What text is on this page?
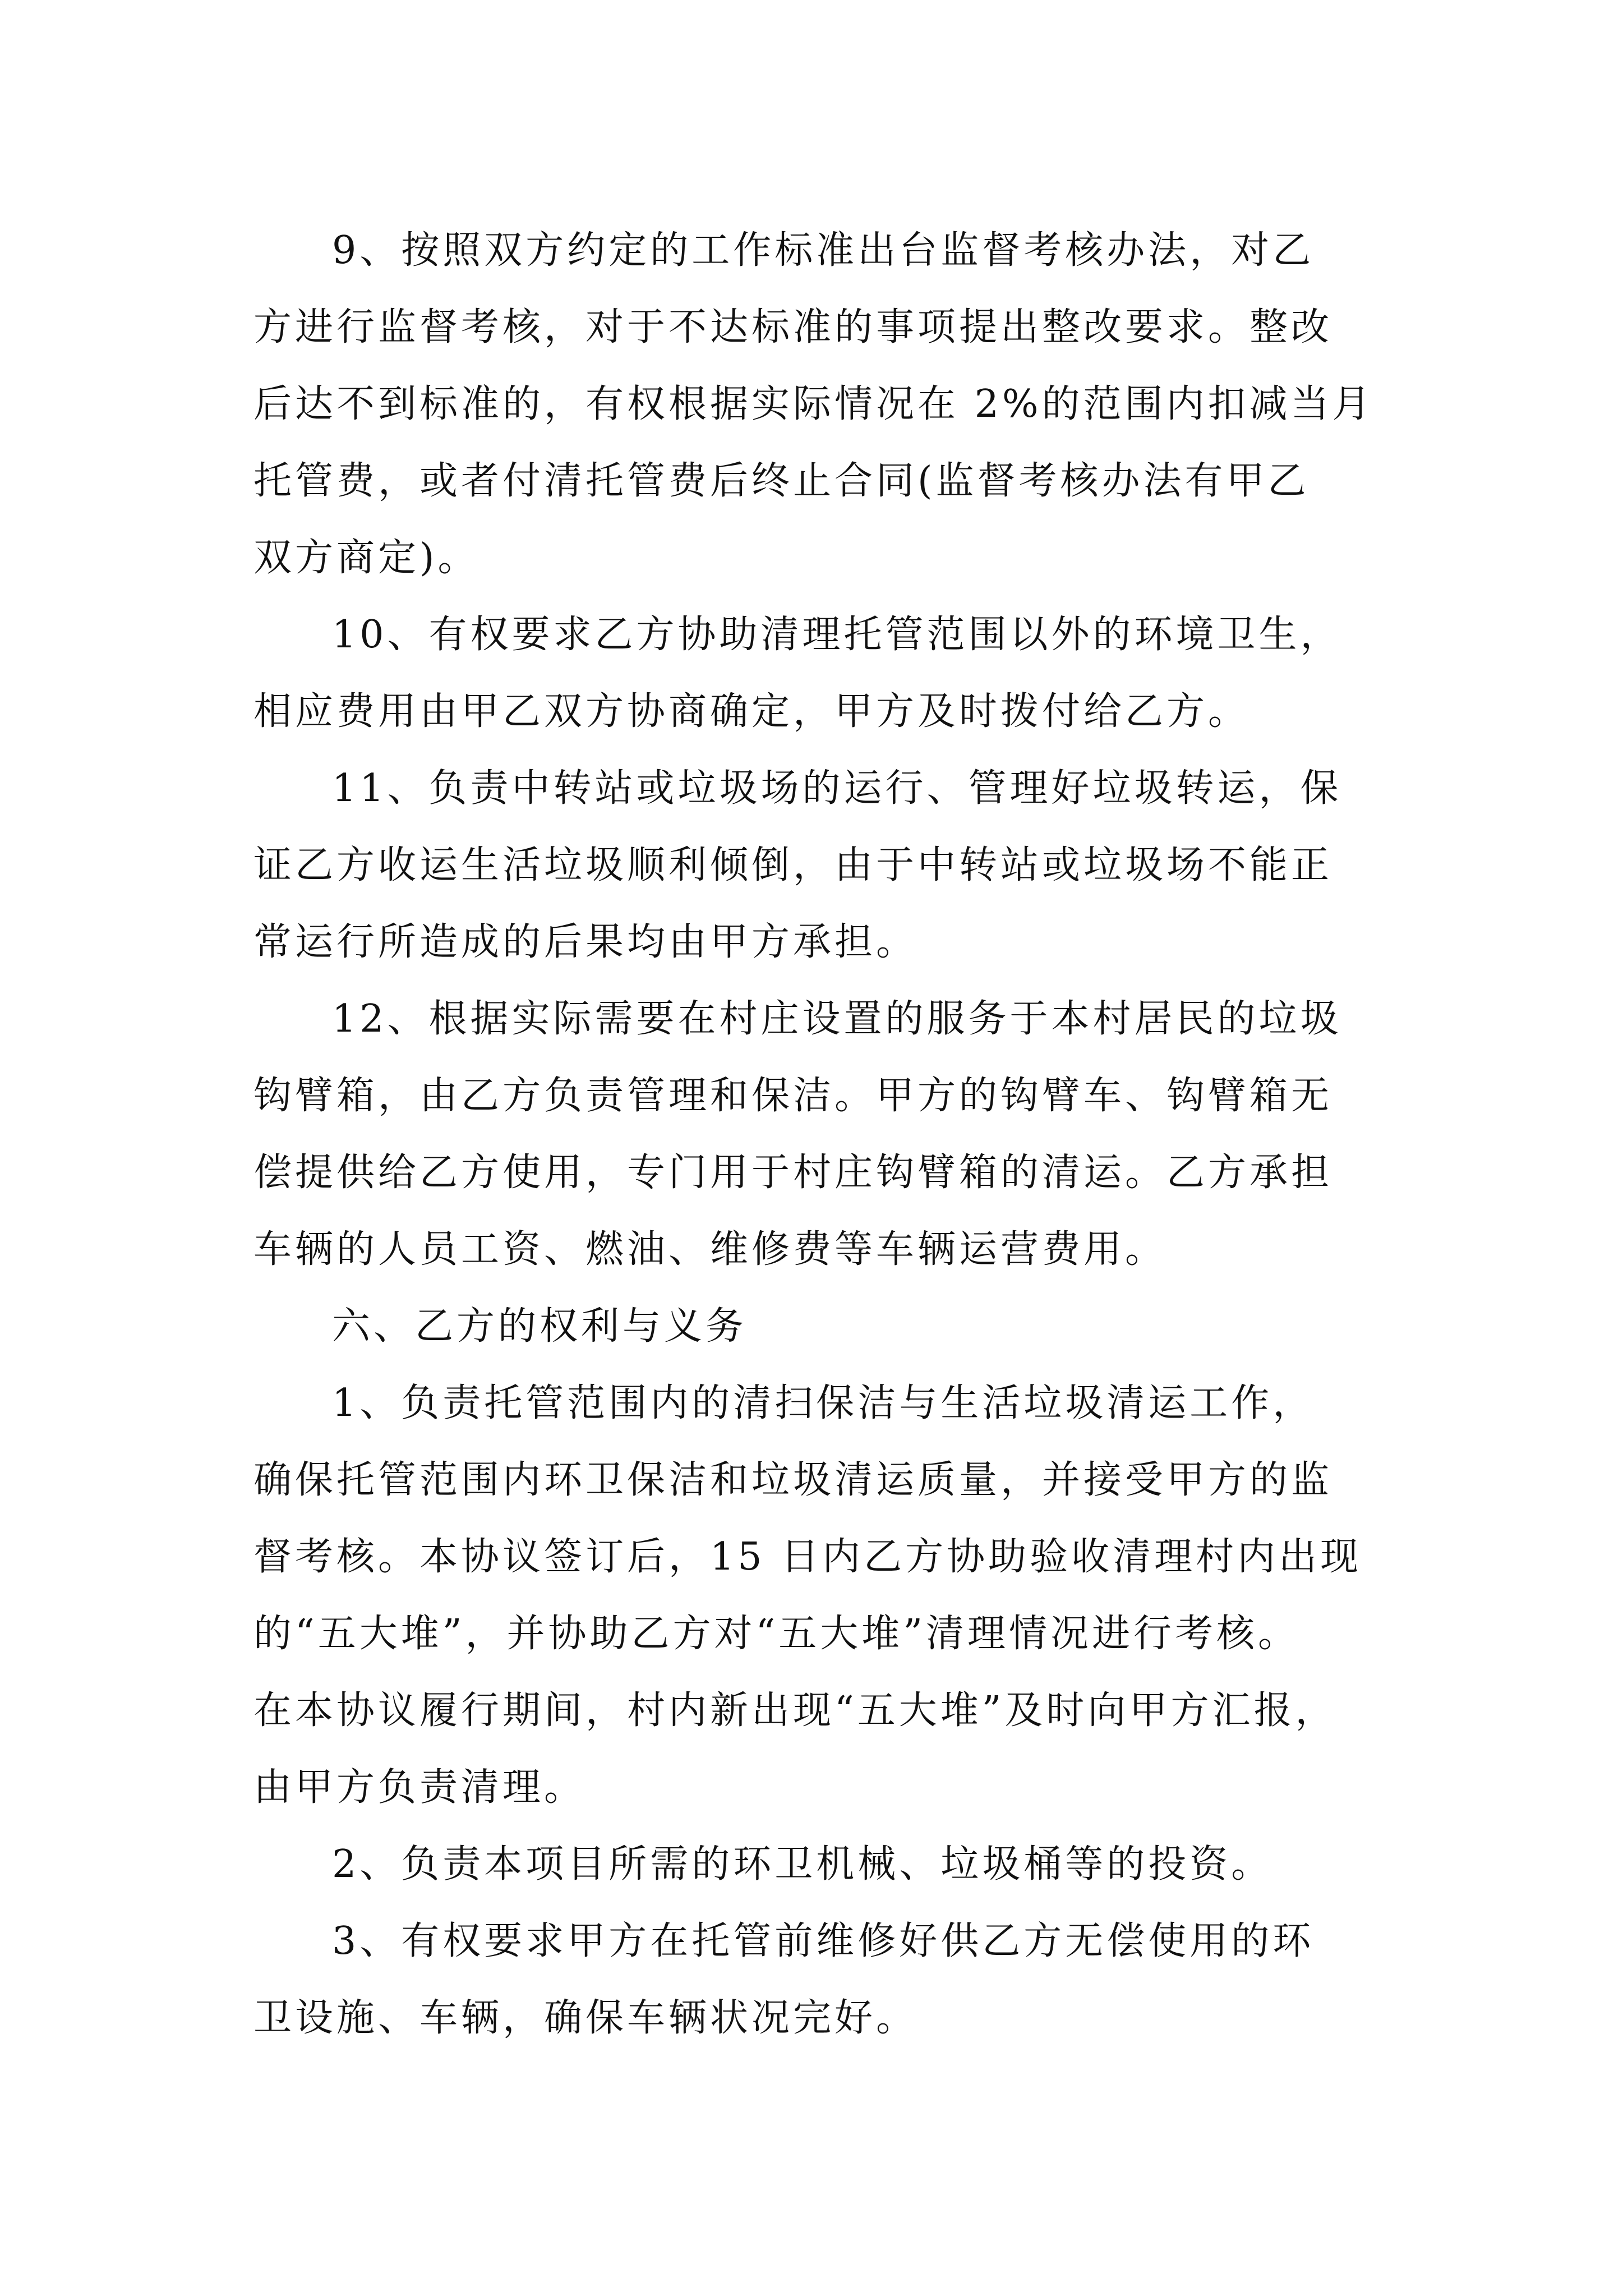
9、按照双方约定的工作标准出台监督考核办法，对乙
方进行监督考核，对于不达标准的事项提出整改要求。整改
后达不到标准的，有权根据实际情况在 2%的范围内扣减当月
托管费，或者付清托管费后终止合同(监督考核办法有甲乙
双方商定)。
10、有权要求乙方协助清理托管范围以外的环境卫生，
相应费用由甲乙双方协商确定，甲方及时拨付给乙方。
11、负责中转站或垃圾场的运行、管理好垃圾转运，保
证乙方收运生活垃圾顺利倾倒，由于中转站或垃圾场不能正
常运行所造成的后果均由甲方承担。
12、根据实际需要在村庄设置的服务于本村居民的垃圾
钩臂箱，由乙方负责管理和保洁。甲方的钩臂车、钩臂箱无
偿提供给乙方使用，专门用于村庄钩臂箱的清运。乙方承担
车辆的人员工资、燃油、维修费等车辆运营费用。
六、乙方的权利与义务
1、负责托管范围内的清扫保洁与生活垃圾清运工作，
确保托管范围内环卫保洁和垃圾清运质量，并接受甲方的监
督考核。本协议签订后，15 日内乙方协助验收清理村内出现
的“五大堆”，并协助乙方对“五大堆”清理情况进行考核。
在本协议履行期间，村内新出现“五大堆”及时向甲方汇报，
由甲方负责清理。
2、负责本项目所需的环卫机械、垃圾桶等的投资。
3、有权要求甲方在托管前维修好供乙方无偿使用的环
卫设施、车辆，确保车辆状况完好。
